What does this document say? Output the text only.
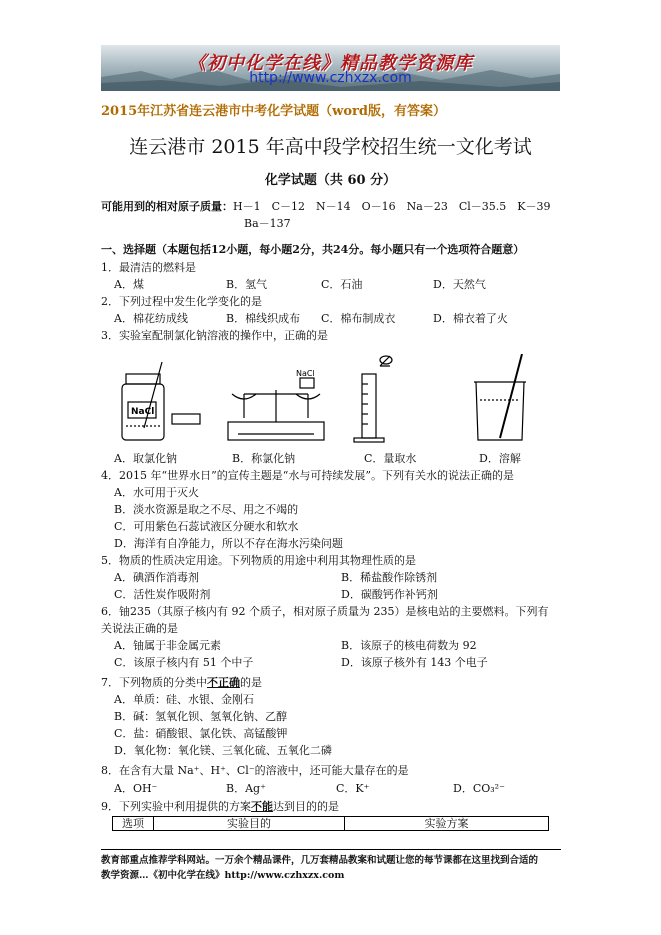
《初中化学在线》精品教学资源库
http://www.czhxzx.com
2015年江苏省连云港市中考化学试题（word版，有答案）
连云港市 2015 年高中段学校招生统一文化考试
化学试题（共 60 分）
可能用到的相对原子质量：H－1　C－12　N－14　O－16　Na－23　Cl－35.5　K－39
Ba－137
一、选择题（本题包括12小题，每小题2分，共24分。每小题只有一个选项符合题意）
1．最清洁的燃料是
A．煤	B．氢气	C．石油	D．天然气
2．下列过程中发生化学变化的是
A．棉花纺成线	B．棉线织成布 C．棉布制成衣	D．棉衣着了火
3．实验室配制氯化钠溶液的操作中，正确的是
NaCl
NaCl
A．取氯化钠	B．称氯化钠	C．量取水	D．溶解
4．2015 年“世界水日”的宣传主题是“水与可持续发展”。下列有关水的说法正确的是
A．水可用于灭火
B．淡水资源是取之不尽、用之不竭的
C．可用紫色石蕊试液区分硬水和软水
D．海洋有自净能力，所以不存在海水污染问题
5．物质的性质决定用途。下列物质的用途中利用其物理性质的是
A．碘酒作消毒剂	B．稀盐酸作除锈剂
C．活性炭作吸附剂	D．碳酸钙作补钙剂
6．铀235（其原子核内有 92 个质子，相对原子质量为 235）是核电站的主要燃料。下列有
关说法正确的是
A．铀属于非金属元素	B．该原子的核电荷数为 92
C．该原子核内有 51 个中子	D．该原子核外有 143 个电子
7．下列物质的分类中不正确的是
A．单质：硅、水银、金刚石
B．碱：氢氧化钡、氢氧化钠、乙醇
C．盐：硝酸银、氯化铁、高锰酸钾
D．氧化物：氧化镁、三氧化硫、五氧化二磷
8．在含有大量 Na⁺、H⁺、Cl⁻的溶液中，还可能大量存在的是
A．OH⁻	B．Ag⁺	C．K⁺	D．CO₃²⁻
9．下列实验中利用提供的方案不能达到目的的是
选项	实验目的	实验方案
教育部重点推荐学科网站。一万余个精品课件，几万套精品教案和试题让您的每节课都在这里找到合适的
教学资源…《初中化学在线》http://www.czhxzx.com
